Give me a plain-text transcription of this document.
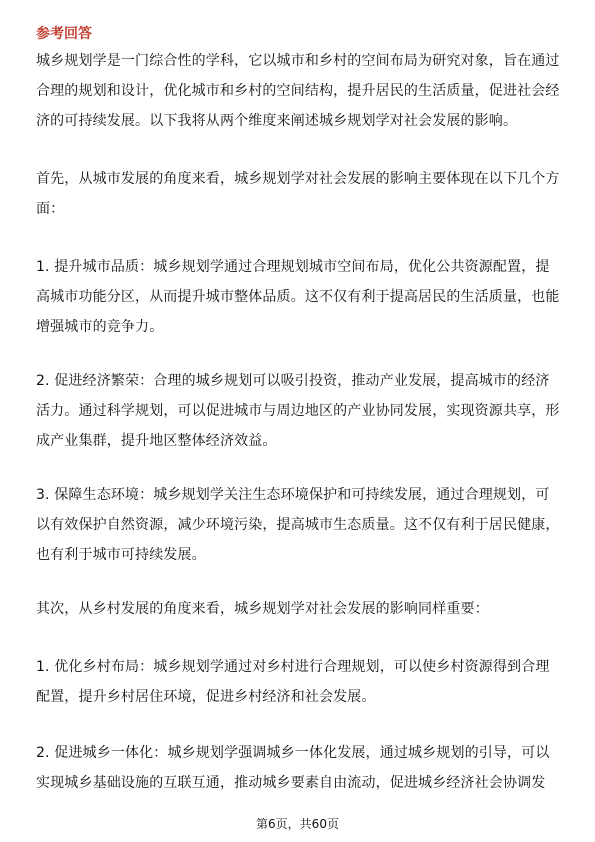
参考回答

城乡规划学是一门综合性的学科，它以城市和乡村的空间布局为研究对象，旨在通过合理的规划和设计，优化城市和乡村的空间结构，提升居民的生活质量，促进社会经济的可持续发展。以下我将从两个维度来阐述城乡规划学对社会发展的影响。

首先，从城市发展的角度来看，城乡规划学对社会发展的影响主要体现在以下几个方面：

1. 提升城市品质：城乡规划学通过合理规划城市空间布局，优化公共资源配置，提高城市功能分区，从而提升城市整体品质。这不仅有利于提高居民的生活质量，也能增强城市的竞争力。

2. 促进经济繁荣：合理的城乡规划可以吸引投资，推动产业发展，提高城市的经济活力。通过科学规划，可以促进城市与周边地区的产业协同发展，实现资源共享，形成产业集群，提升地区整体经济效益。

3. 保障生态环境：城乡规划学关注生态环境保护和可持续发展，通过合理规划，可以有效保护自然资源，减少环境污染，提高城市生态质量。这不仅有利于居民健康，也有利于城市可持续发展。

其次，从乡村发展的角度来看，城乡规划学对社会发展的影响同样重要：

1. 优化乡村布局：城乡规划学通过对乡村进行合理规划，可以使乡村资源得到合理配置，提升乡村居住环境，促进乡村经济和社会发展。

2. 促进城乡一体化：城乡规划学强调城乡一体化发展，通过城乡规划的引导，可以实现城乡基础设施的互联互通，推动城乡要素自由流动，促进城乡经济社会协调发

第6页，共60页
